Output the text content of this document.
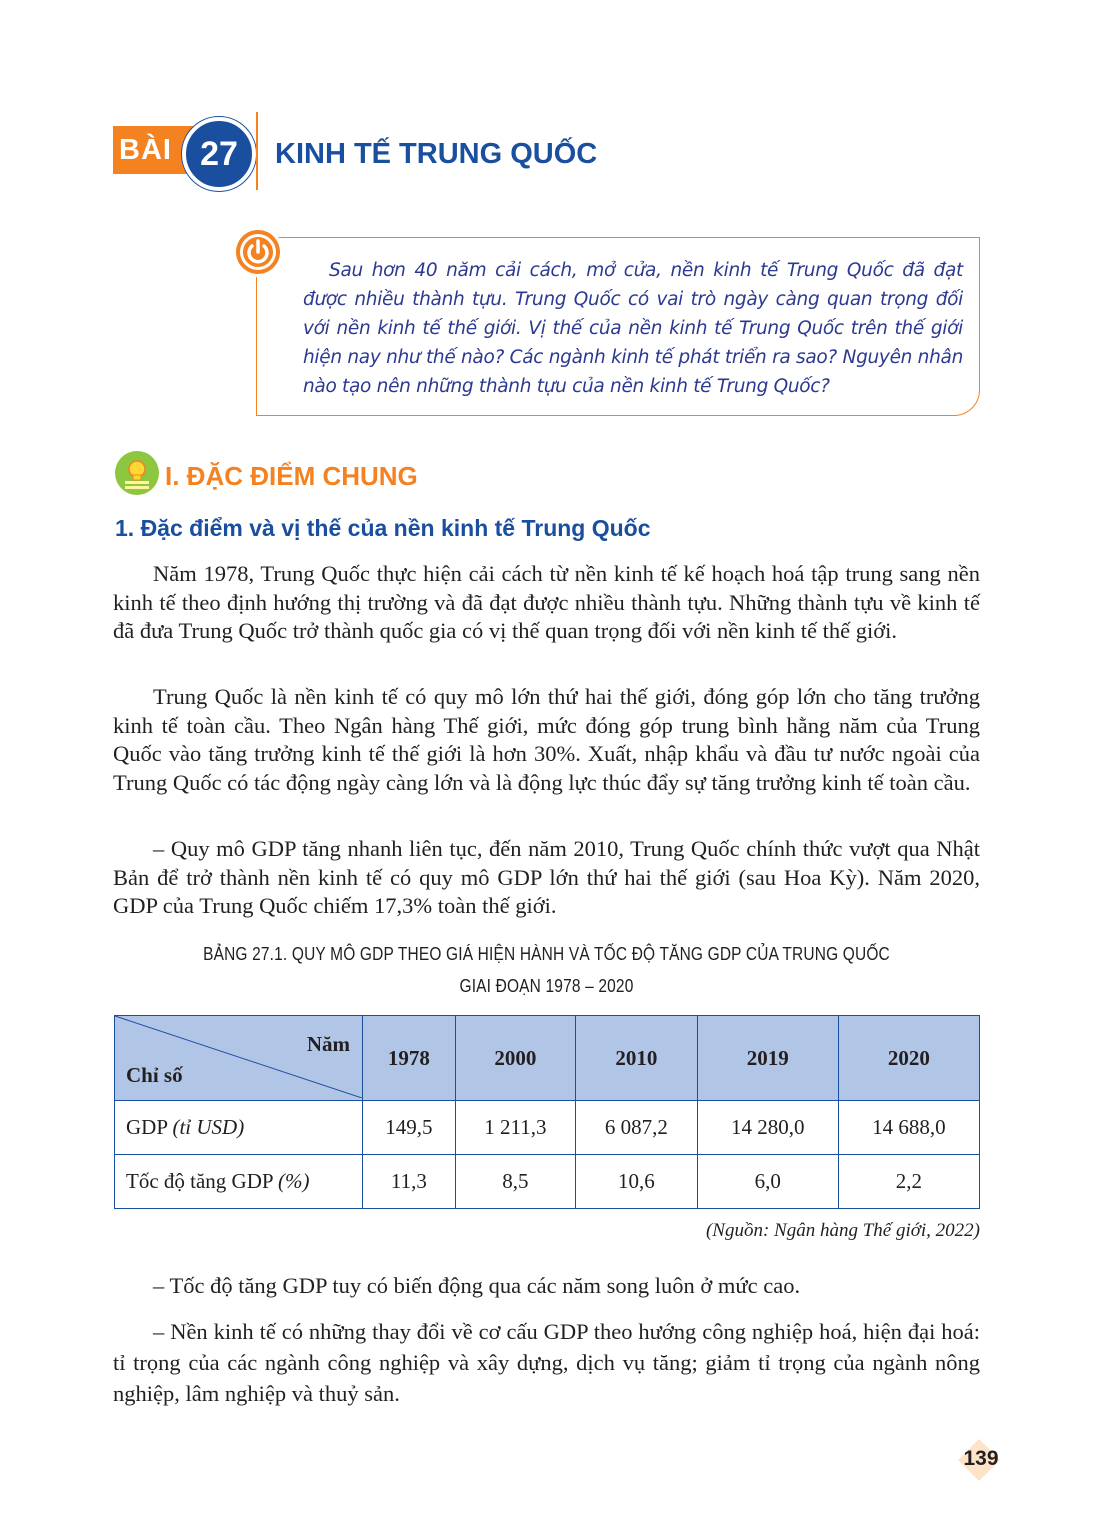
BÀI 27	KINH TẾ TRUNG QUỐC
Sau hơn 40 năm cải cách, mở cửa, nền kinh tế Trung Quốc đã đạt được nhiều thành tựu. Trung Quốc có vai trò ngày càng quan trọng đối với nền kinh tế thế giới. Vị thế của nền kinh tế Trung Quốc trên thế giới hiện nay như thế nào? Các ngành kinh tế phát triển ra sao? Nguyên nhân nào tạo nên những thành tựu của nền kinh tế Trung Quốc?
I. ĐẶC ĐIỂM CHUNG
1. Đặc điểm và vị thế của nền kinh tế Trung Quốc

Năm 1978, Trung Quốc thực hiện cải cách từ nền kinh tế kế hoạch hoá tập trung sang nền kinh tế theo định hướng thị trường và đã đạt được nhiều thành tựu. Những thành tựu về kinh tế đã đưa Trung Quốc trở thành quốc gia có vị thế quan trọng đối với nền kinh tế thế giới.

Trung Quốc là nền kinh tế có quy mô lớn thứ hai thế giới, đóng góp lớn cho tăng trưởng kinh tế toàn cầu. Theo Ngân hàng Thế giới, mức đóng góp trung bình hằng năm của Trung Quốc vào tăng trưởng kinh tế thế giới là hơn 30%. Xuất, nhập khẩu và đầu tư nước ngoài của Trung Quốc có tác động ngày càng lớn và là động lực thúc đẩy sự tăng trưởng kinh tế toàn cầu.

– Quy mô GDP tăng nhanh liên tục, đến năm 2010, Trung Quốc chính thức vượt qua Nhật Bản để trở thành nền kinh tế có quy mô GDP lớn thứ hai thế giới (sau Hoa Kỳ). Năm 2020, GDP của Trung Quốc chiếm 17,3% toàn thế giới.

BẢNG 27.1. QUY MÔ GDP THEO GIÁ HIỆN HÀNH VÀ TỐC ĐỘ TĂNG GDP CỦA TRUNG QUỐC
GIAI ĐOẠN 1978 – 2020
Năm
Chỉ số	1978	2000	2010	2019	2020
GDP (tỉ USD)	149,5	1 211,3	6 087,2	14 280,0	14 688,0
Tốc độ tăng GDP (%)	11,3	8,5	10,6	6,0	2,2
(Nguồn: Ngân hàng Thế giới, 2022)

– Tốc độ tăng GDP tuy có biến động qua các năm song luôn ở mức cao.

– Nền kinh tế có những thay đổi về cơ cấu GDP theo hướng công nghiệp hoá, hiện đại hoá: tỉ trọng của các ngành công nghiệp và xây dựng, dịch vụ tăng; giảm tỉ trọng của ngành nông nghiệp, lâm nghiệp và thuỷ sản.

139
